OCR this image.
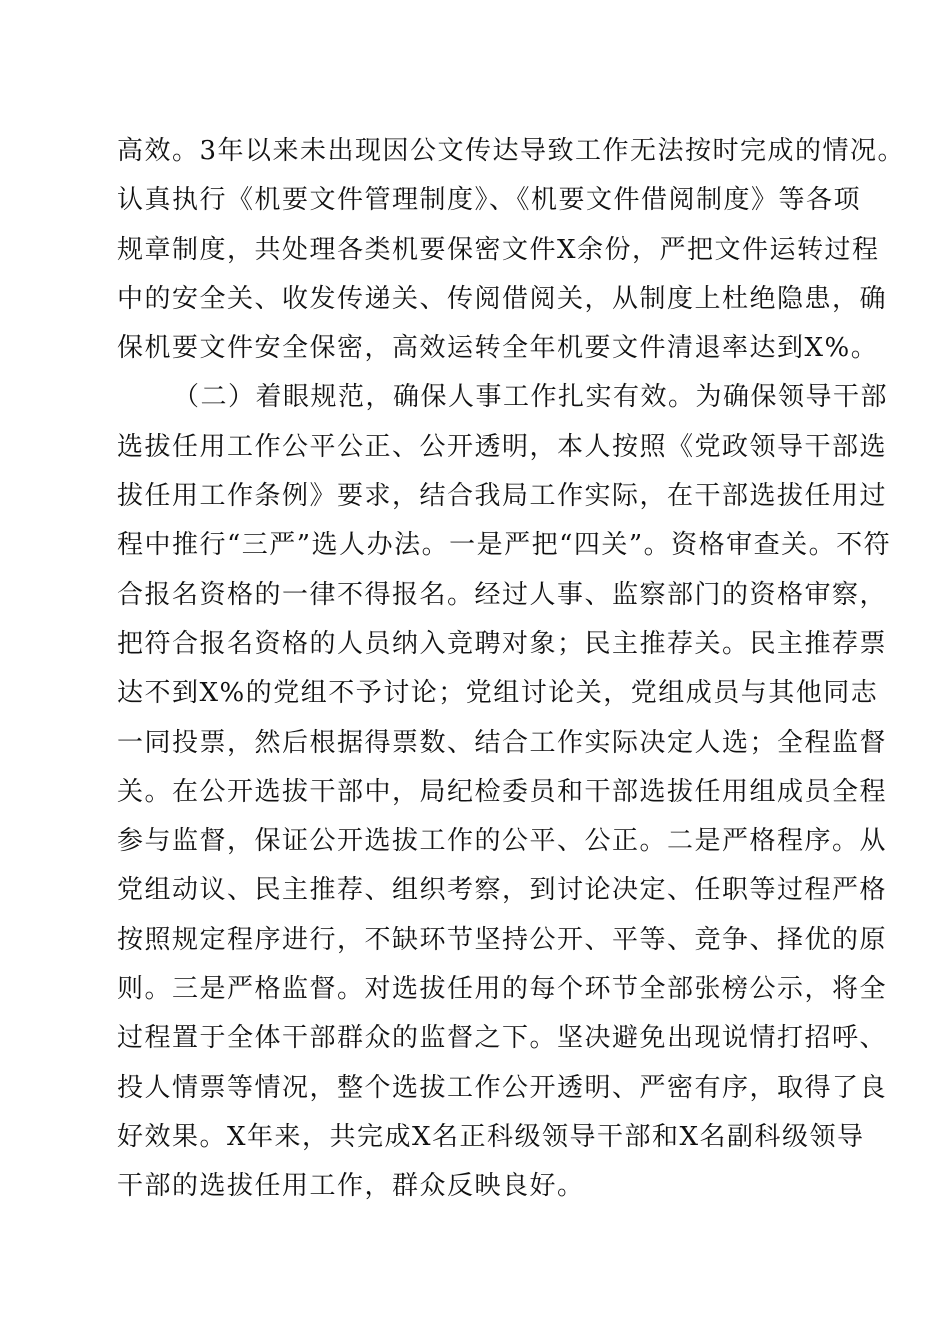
高效。3年以来未出现因公文传达导致工作无法按时完成的情况。
认真执行《机要文件管理制度》、《机要文件借阅制度》等各项
规章制度，共处理各类机要保密文件X余份，严把文件运转过程
中的安全关、收发传递关、传阅借阅关，从制度上杜绝隐患，确
保机要文件安全保密，高效运转全年机要文件清退率达到X%。
（二）着眼规范，确保人事工作扎实有效。为确保领导干部
选拔任用工作公平公正、公开透明，本人按照《党政领导干部选
拔任用工作条例》要求，结合我局工作实际，在干部选拔任用过
程中推行“三严”选人办法。一是严把“四关”。资格审查关。不符
合报名资格的一律不得报名。经过人事、监察部门的资格审察，
把符合报名资格的人员纳入竞聘对象；民主推荐关。民主推荐票
达不到X%的党组不予讨论；党组讨论关，党组成员与其他同志
一同投票，然后根据得票数、结合工作实际决定人选；全程监督
关。在公开选拔干部中，局纪检委员和干部选拔任用组成员全程
参与监督，保证公开选拔工作的公平、公正。二是严格程序。从
党组动议、民主推荐、组织考察，到讨论决定、任职等过程严格
按照规定程序进行，不缺环节坚持公开、平等、竞争、择优的原
则。三是严格监督。对选拔任用的每个环节全部张榜公示，将全
过程置于全体干部群众的监督之下。坚决避免出现说情打招呼、
投人情票等情况，整个选拔工作公开透明、严密有序，取得了良
好效果。X年来，共完成X名正科级领导干部和X名副科级领导
干部的选拔任用工作，群众反映良好。
